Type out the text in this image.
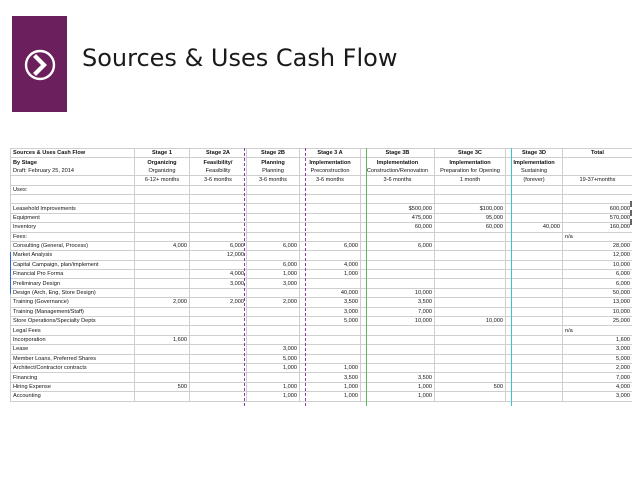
Sources & Uses Cash Flow
Sources & Uses Cash Flow	Stage 1	Stage 2A	Stage 2B	Stage 3 A	Stage 3B	Stage 3C	Stage 3D	Total
By Stage	Organizing	Feasibility/	Planning	Implementation	Implementation	Implementation	Implementation	
Draft: February 25, 2014	Organizing	Feasibility	Planning	Preconstruction	Construction/Renovation	Preparation for Opening	Sustaining	
	6-12+ months	3-6 months	3-6 months	3-6 months	3-6 months	1 month	(forever)	19-37+months
Uses:								

Leasehold Improvements					$500,000	$100,000		600,000
Equipment					475,000	95,000		570,000
Inventory					60,000	60,000	40,000	160,000
Fees:								n/a
Consulting (General, Process)	4,000	6,000	6,000	6,000	6,000			28,000
Market Analysis		12,000						12,000
Capital Campaign, plan/implement			6,000	4,000				10,000
Financial Pro Forma		4,000	1,000	1,000				6,000
Preliminary Design		3,000	3,000					6,000
Design (Arch, Eng, Store Design)				40,000	10,000			50,000
Training (Governance)	2,000	2,000	2,000	3,500	3,500			13,000
Training (Management/Staff)				3,000	7,000			10,000
Store Operations/Specialty Depts				5,000	10,000	10,000		25,000
Legal Fees								n/a
Incorporation	1,600							1,600
Lease			3,000					3,000
Member Loans, Preferred Shares			5,000					5,000
Architect/Contractor contracts			1,000	1,000				2,000
Financing				3,500	3,500			7,000
Hiring Expense	500		1,000	1,000	1,000	500		4,000
Accounting			1,000	1,000	1,000			3,000
